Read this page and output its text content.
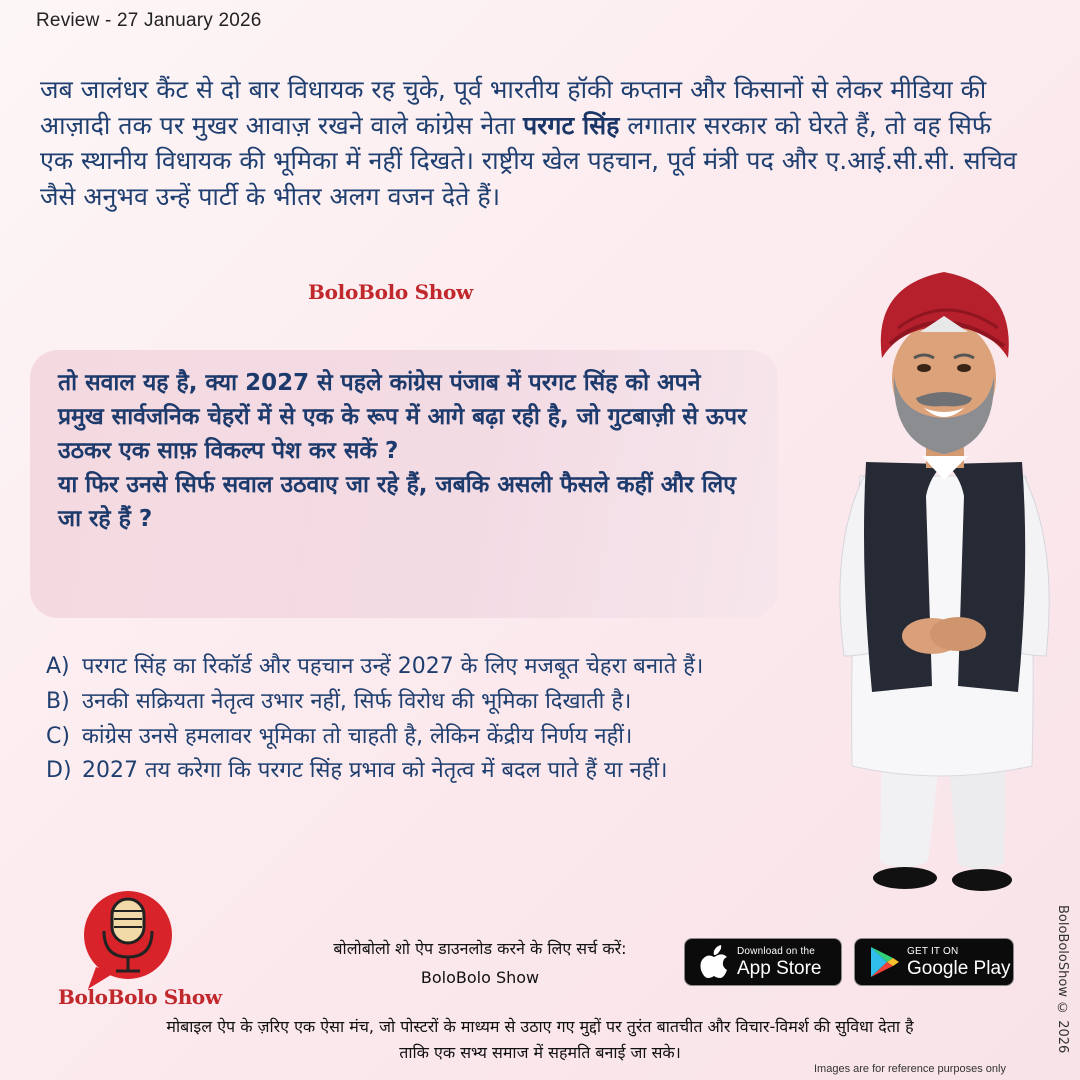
Review - 27 January 2026
जब जालंधर कैंट से दो बार विधायक रह चुके, पूर्व भारतीय हॉकी कप्तान और किसानों से लेकर मीडिया की आज़ादी तक पर मुखर आवाज़ रखने वाले कांग्रेस नेता परगट सिंह लगातार सरकार को घेरते हैं, तो वह सिर्फ एक स्थानीय विधायक की भूमिका में नहीं दिखते। राष्ट्रीय खेल पहचान, पूर्व मंत्री पद और ए.आई.सी.सी. सचिव जैसे अनुभव उन्हें पार्टी के भीतर अलग वजन देते हैं।
BoloBolo Show

तो सवाल यह है, क्या 2027 से पहले कांग्रेस पंजाब में परगट सिंह को अपने प्रमुख सार्वजनिक चेहरों में से एक के रूप में आगे बढ़ा रही है, जो गुटबाज़ी से ऊपर उठकर एक साफ़ विकल्प पेश कर सकें ?

या फिर उनसे सिर्फ सवाल उठवाए जा रहे हैं, जबकि असली फैसले कहीं और लिए जा रहे हैं ?

A) परगट सिंह का रिकॉर्ड और पहचान उन्हें 2027 के लिए मजबूत चेहरा बनाते हैं।
B) उनकी सक्रियता नेतृत्व उभार नहीं, सिर्फ विरोध की भूमिका दिखाती है।
C) कांग्रेस उनसे हमलावर भूमिका तो चाहती है, लेकिन केंद्रीय निर्णय नहीं।
D) 2027 तय करेगा कि परगट सिंह प्रभाव को नेतृत्व में बदल पाते हैं या नहीं।
BoloBoloShow © 2026
BoloBolo Show
बोलोबोलो शो ऐप डाउनलोड करने के लिए सर्च करें:
BoloBolo Show
Download on the
App Store
GET IT ON
Google Play
मोबाइल ऐप के ज़रिए एक ऐसा मंच, जो पोस्टरों के माध्यम से उठाए गए मुद्दों पर तुरंत बातचीत और विचार-विमर्श की सुविधा देता है
ताकि एक सभ्य समाज में सहमति बनाई जा सके।
Images are for reference purposes only
